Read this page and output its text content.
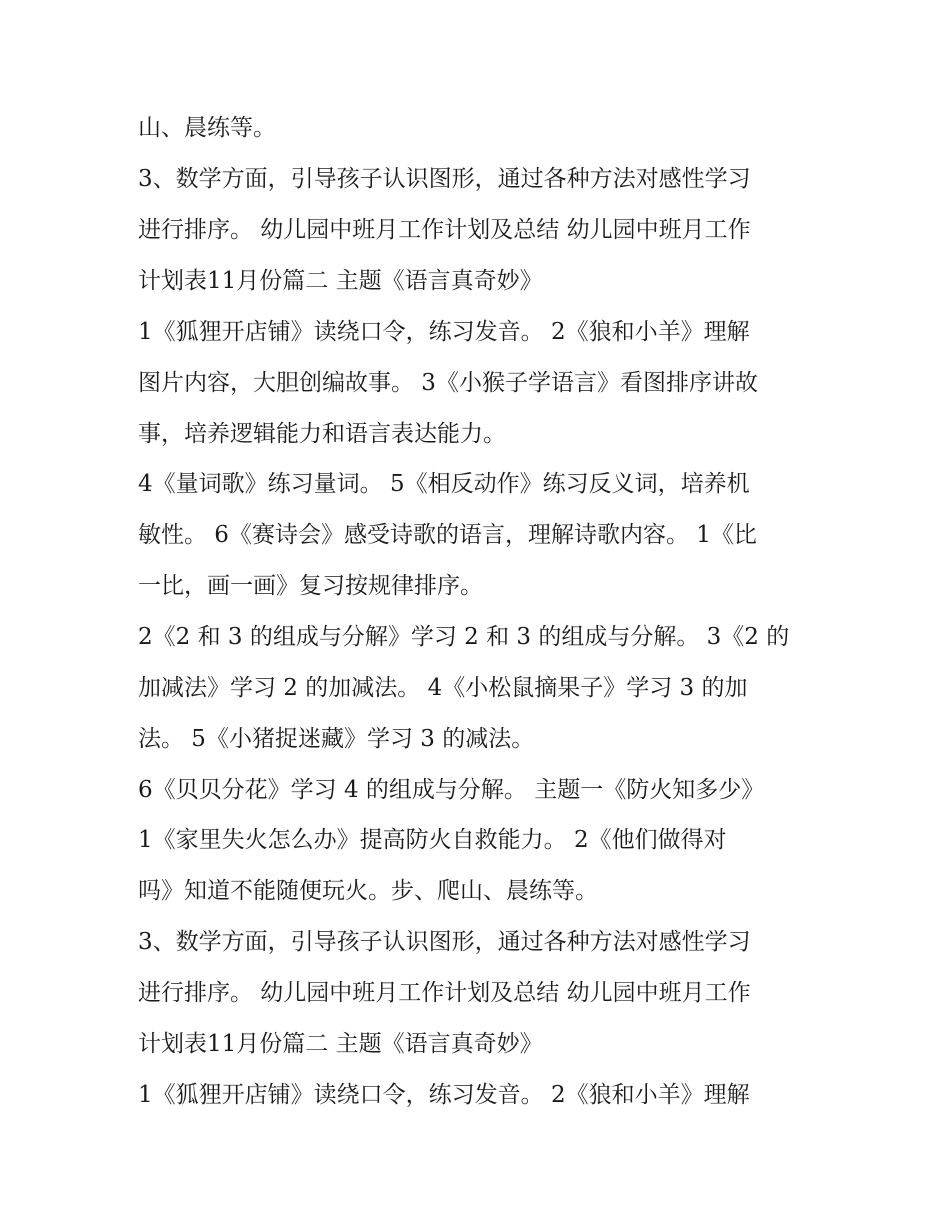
山、晨练等。
3、数学方面，引导孩子认识图形，通过各种方法对感性学习
进行排序。 幼儿园中班月工作计划及总结 幼儿园中班月工作
计划表11月份篇二 主题《语言真奇妙》
1《狐狸开店铺》读绕口令，练习发音。 2《狼和小羊》理解
图片内容，大胆创编故事。 3《小猴子学语言》看图排序讲故
事，培养逻辑能力和语言表达能力。
4《量词歌》练习量词。 5《相反动作》练习反义词，培养机
敏性。 6《赛诗会》感受诗歌的语言，理解诗歌内容。 1《比
一比，画一画》复习按规律排序。
2《2 和 3 的组成与分解》学习 2 和 3 的组成与分解。 3《2 的
加减法》学习 2 的加减法。 4《小松鼠摘果子》学习 3 的加
法。 5《小猪捉迷藏》学习 3 的减法。
6《贝贝分花》学习 4 的组成与分解。 主题一《防火知多少》
1《家里失火怎么办》提高防火自救能力。 2《他们做得对
吗》知道不能随便玩火。步、爬山、晨练等。
3、数学方面，引导孩子认识图形，通过各种方法对感性学习
进行排序。 幼儿园中班月工作计划及总结 幼儿园中班月工作
计划表11月份篇二 主题《语言真奇妙》
1《狐狸开店铺》读绕口令，练习发音。 2《狼和小羊》理解
